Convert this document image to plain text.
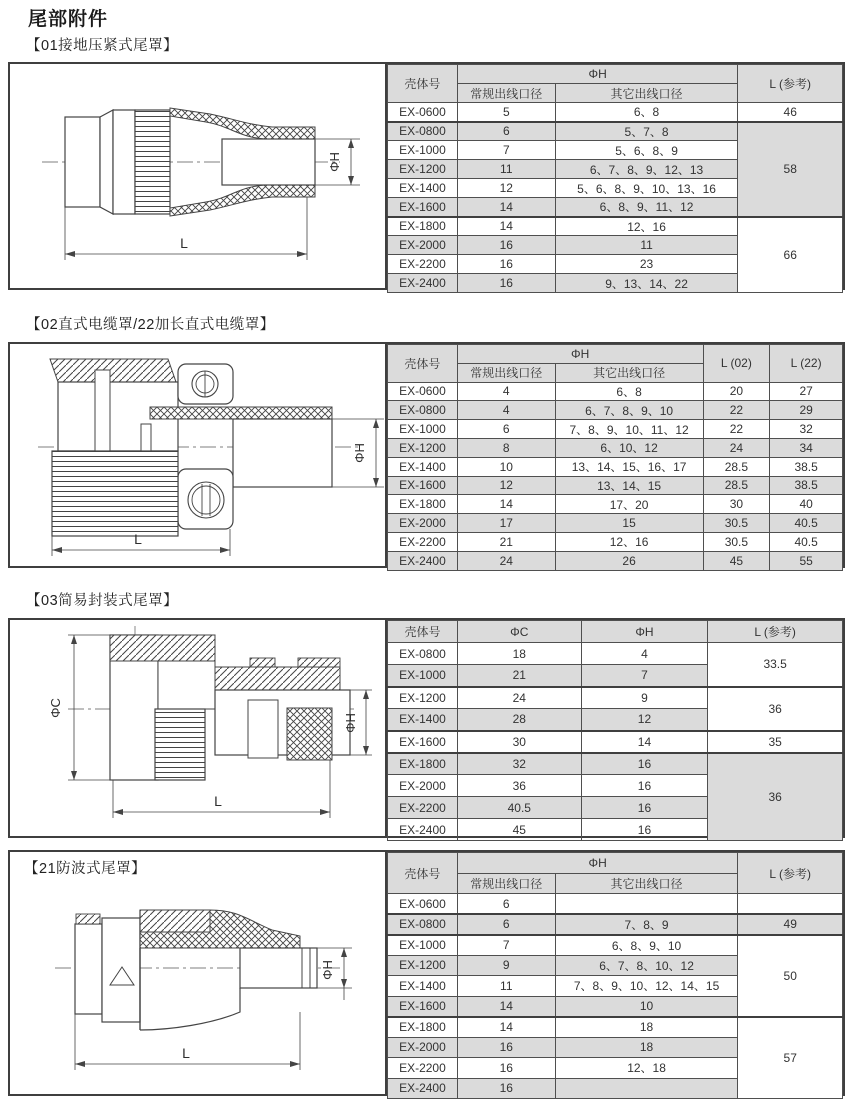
尾部附件
【01接地压紧式尾罩】
【02直式电缆罩/22加长直式电缆罩】
【03简易封装式尾罩】
ΦH
L
壳体号	ΦH		L (参考)
	常规出线口径	其它出线口径	
EX-0600	5	6、8	46
EX-0800	6	5、7、8	58
EX-1000	7	5、6、8、9	
EX-1200	11	6、7、8、9、12、13	
EX-1400	12	5、6、8、9、10、13、16	
EX-1600	14	6、8、9、11、12	
EX-1800	14	12、16	66
EX-2000	16	11	
EX-2200	16	23	
EX-2400	16	9、13、14、22	
ΦH
L
壳体号	ΦH		L (02)	L (22)
	常规出线口径	其它出线口径		
EX-0600	4	6、8	20	27
EX-0800	4	6、7、8、9、10	22	29
EX-1000	6	7、8、9、10、11、12	22	32
EX-1200	8	6、10、12	24	34
EX-1400	10	13、14、15、16、17	28.5	38.5
EX-1600	12	13、14、15	28.5	38.5
EX-1800	14	17、20	30	40
EX-2000	17	15	30.5	40.5
EX-2200	21	12、16	30.5	40.5
EX-2400	24	26	45	55
ΦC
ΦH
L
壳体号	ΦC	ΦH	L (参考)
EX-0800	18	4	33.5
EX-1000	21	7	
EX-1200	24	9	36
EX-1400	28	12	
EX-1600	30	14	35
EX-1800	32	16	36
EX-2000	36	16	
EX-2200	40.5	16	
EX-2400	45	16	
【21防波式尾罩】
ΦH
L
壳体号	ΦH		L (参考)
	常规出线口径	其它出线口径	
EX-0600	6		
EX-0800	6	7、8、9	49
EX-1000	7	6、8、9、10	50
EX-1200	9	6、7、8、10、12	
EX-1400	11	7、8、9、10、12、14、15	
EX-1600	14	10	
EX-1800	14	18	57
EX-2000	16	18	
EX-2200	16	12、18	
EX-2400	16		
